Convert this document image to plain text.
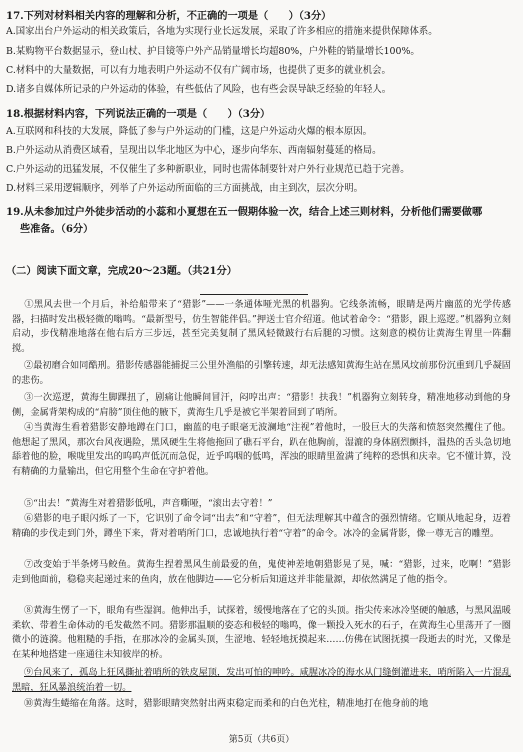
17.下列对材料相关内容的理解和分析，不正确的一项是（　　）（3分）
A.国家出台户外运动的相关政策后，各地为实现行业长远发展，采取了许多相应的措施来提供保障体系。
B.某购物平台数据显示，登山杖、护目镜等户外产品销量增长均超80%，户外鞋的销量增长100%。
C.材料中的大量数据，可以有力地表明户外运动不仅有广阔市场，也提供了更多的就业机会。
D.诸多自媒体所记录的户外运动的体验，有些低估了风险，也有些会误导缺乏经验的年轻人。
18.根据材料内容，下列说法正确的一项是（　　）（3分）
A.互联网和科技的大发展，降低了参与户外运动的门槛，这是户外运动火爆的根本原因。
B.户外运动从消费区域看，呈现出以华北地区为中心，逐步向华东、西南辐射蔓延的格局。
C.户外运动的迅猛发展，不仅催生了多种新职业，同时也需体制要针对户外行业规范已趋于完善。
D.材料三采用逻辑顺序，列举了户外运动所面临的三方面挑战，由主到次，层次分明。
19.从未参加过户外徒步活动的小蕊和小夏想在五一假期体验一次，结合上述三则材料，分析他们需要做哪
些准备。（6分）
（二）阅读下面文章，完成20～23题。（共21分）
①黑风去世一个月后，补给船带来了“猎影”——一条通体哑光黑的机器狗。它线条流畅，眼睛是两片幽蓝的光学传感器，扫描时发出极轻微的嗡鸣。“最新型号，仿生智能伴侣。”押送士官介绍道。他试着命令：“猎影，跟上巡逻。”机器狗立刻启动，步伐精准地落在他右后方三步远，甚至完美复制了黑风轻微跛行右后腿的习惯。这刻意的模仿让黄海生胃里一阵翻搅。
②最初磨合如同酷刑。猎影传感器能捕捉三公里外渔船的引擎转速，却无法感知黄海生站在黑风坟前那份沉重到几乎凝固的悲伤。
③一次巡逻，黄海生脚踝扭了，剧痛让他瞬间冒汗，闷哼出声：“猎影！扶我！”机器狗立刻转身，精准地移动到他的身侧，金属背架构成的“肩膀”顶住他的腋下，黄海生几乎是被它半架着回到了哨所。
④当黄海生看着猎影安静地蹲在门口，幽蓝的电子眼毫无波澜地“注视”着他时，一股巨大的失落和愤怒突然攫住了他。他想起了黑风，那次台风夜遇险，黑风硬生生将他拖回了礁石平台，趴在他胸前，湿漉的身体剧烈颤抖，温热的舌头急切地舔着他的脸，喉咙里发出的呜呜声低沉而急促，近乎呜咽的低鸣，浑浊的眼睛里盈满了纯粹的恐惧和庆幸。它不懂计算，没有精确的力量输出，但它用整个生命在守护着他。
⑤“出去！”黄海生对着猎影低吼，声音嘶哑，“滚出去守着！”
⑥猎影的电子眼闪烁了一下，它识别了命令词“出去”和“守着”，但无法理解其中蕴含的强烈情绪。它顺从地起身，迈着精确的步伐走到门外，蹲坐下来，背对着哨所门口，忠诚地执行着“守着”的命令。冰冷的金属背影，像一尊无言的雕塑。
⑦改变始于半条烤马鲛鱼。黄海生捏着黑风生前最爱的鱼，鬼使神差地朝猎影晃了晃，喊：“猎影，过来，吃啊！”猎影走到他面前，稳稳夹起递过来的鱼肉，放在他脚边——它分析后知道这并非能量源，却依然满足了他的指令。
⑧黄海生愣了一下，眼角有些湿润。他伸出手，试探着，缓慢地落在了它的头顶。指尖传来冰冷坚硬的触感，与黑风温暖柔软、带着生命体动的毛发截然不同。猎影那温顺的姿态和极轻的嗡鸣，像一颗投入死水的石子，在黄海生心里荡开了一圈微小的涟漪。他粗糙的手指，在那冰冷的金属头顶，生涩地、轻轻地抚摸起来……仿佛在试图抚摸一段逝去的时光，又像是在某种地搭建一座通往未知彼岸的桥。
⑨台风来了，孤岛上狂风撕扯着哨所的铁皮屋顶，发出可怕的呻吟。咸腥冰冷的海水从门缝倒灌进来，哨所陷入一片混乱黑暗，狂风暴浪统治着一切。
⑩黄海生蜷缩在角落。这时，猎影眼睛突然射出两束稳定而柔和的白色光柱，精准地打在他身前的地
第5页（共6页）
